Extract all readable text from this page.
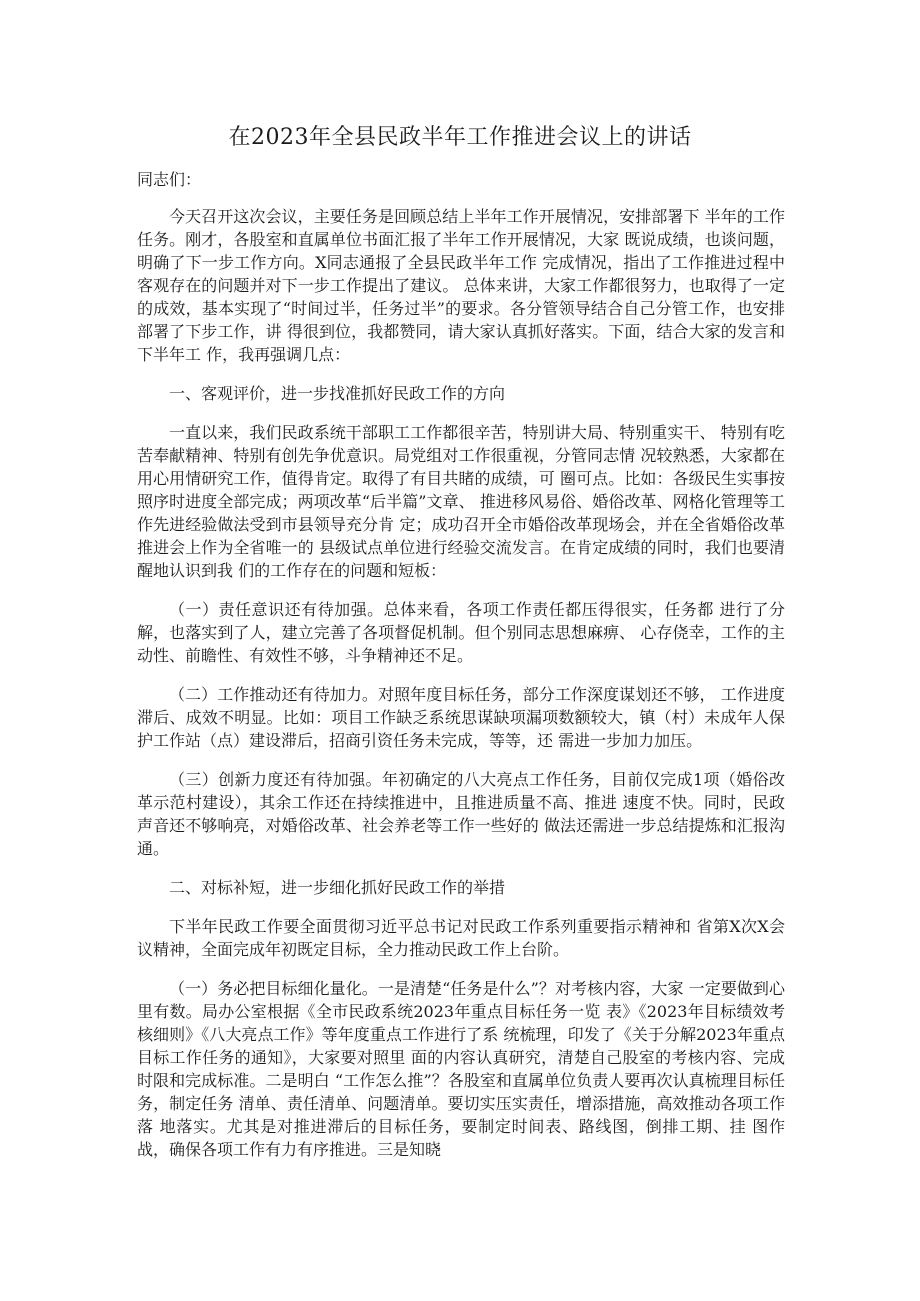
在2023年全县民政半年工作推进会议上的讲话

同志们：

今天召开这次会议，主要任务是回顾总结上半年工作开展情况，安排部署下 半年的工作任务。刚才，各股室和直属单位书面汇报了半年工作开展情况，大家 既说成绩，也谈问题，明确了下一步工作方向。X同志通报了全县民政半年工作 完成情况，指出了工作推进过程中客观存在的问题并对下一步工作提出了建议。 总体来讲，大家工作都很努力，也取得了一定的成效，基本实现了“时间过半，任务过半”的要求。各分管领导结合自己分管工作，也安排部署了下步工作，讲 得很到位，我都赞同，请大家认真抓好落实。下面，结合大家的发言和下半年工 作，我再强调几点：

一、客观评价，进一步找准抓好民政工作的方向

一直以来，我们民政系统干部职工工作都很辛苦，特别讲大局、特别重实干、 特别有吃苦奉献精神、特别有创先争优意识。局党组对工作很重视，分管同志情 况较熟悉，大家都在用心用情研究工作，值得肯定。取得了有目共睹的成绩，可 圈可点。比如：各级民生实事按照序时进度全部完成；两项改革“后半篇”文章、 推进移风易俗、婚俗改革、网格化管理等工作先进经验做法受到市县领导充分肯 定；成功召开全市婚俗改革现场会，并在全省婚俗改革推进会上作为全省唯一的 县级试点单位进行经验交流发言。在肯定成绩的同时，我们也要清醒地认识到我 们的工作存在的问题和短板：

（一）责任意识还有待加强。总体来看，各项工作责任都压得很实，任务都 进行了分解，也落实到了人，建立完善了各项督促机制。但个别同志思想麻痹、 心存侥幸，工作的主动性、前瞻性、有效性不够，斗争精神还不足。

（二）工作推动还有待加力。对照年度目标任务，部分工作深度谋划还不够， 工作进度滞后、成效不明显。比如：项目工作缺乏系统思谋缺项漏项数额较大，镇（村）未成年人保护工作站（点）建设滞后，招商引资任务未完成，等等，还 需进一步加力加压。

（三）创新力度还有待加强。年初确定的八大亮点工作任务，目前仅完成1项（婚俗改革示范村建设），其余工作还在持续推进中，且推进质量不高、推进 速度不快。同时，民政声音还不够响亮，对婚俗改革、社会养老等工作一些好的 做法还需进一步总结提炼和汇报沟通。

二、对标补短，进一步细化抓好民政工作的举措

下半年民政工作要全面贯彻习近平总书记对民政工作系列重要指示精神和 省第X次X会议精神，全面完成年初既定目标，全力推动民政工作上台阶。

（一）务必把目标细化量化。一是清楚“任务是什么”？对考核内容，大家 一定要做到心里有数。局办公室根据《全市民政系统2023年重点目标任务一览 表》《2023年目标绩效考核细则》《八大亮点工作》等年度重点工作进行了系 统梳理，印发了《关于分解2023年重点目标工作任务的通知》，大家要对照里 面的内容认真研究，清楚自己股室的考核内容、完成时限和完成标准。二是明白 “工作怎么推”？各股室和直属单位负责人要再次认真梳理目标任务，制定任务 清单、责任清单、问题清单。要切实压实责任，增添措施，高效推动各项工作落 地落实。尤其是对推进滞后的目标任务，要制定时间表、路线图，倒排工期、挂 图作战，确保各项工作有力有序推进。三是知晓
